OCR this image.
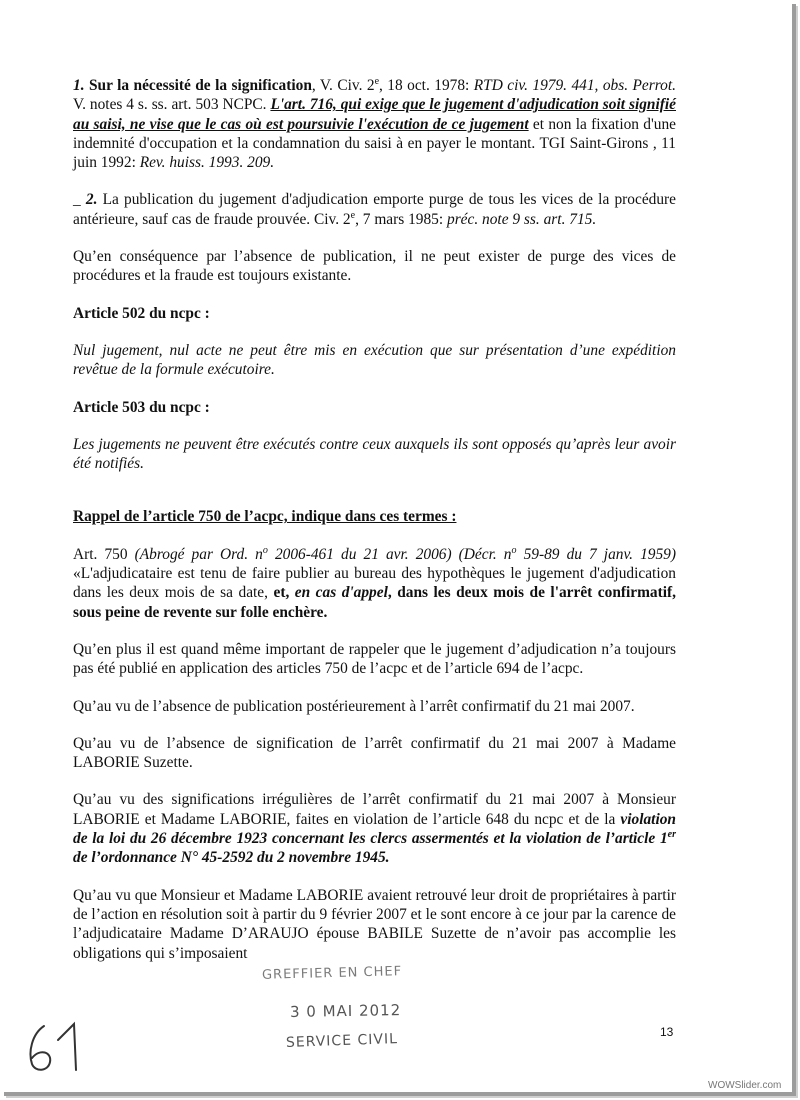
1. Sur la nécessité de la signification, V. Civ. 2e, 18 oct. 1978: RTD civ. 1979. 441, obs. Perrot. V. notes 4 s. ss. art. 503 NCPC. L'art. 716, qui exige que le jugement d'adjudication soit signifié au saisi, ne vise que le cas où est poursuivie l'exécution de ce jugement et non la fixation d'une indemnité d'occupation et la condamnation du saisi à en payer le montant. TGI Saint-Girons , 11 juin 1992: Rev. huiss. 1993. 209.

_ 2. La publication du jugement d'adjudication emporte purge de tous les vices de la procédure antérieure, sauf cas de fraude prouvée. Civ. 2e, 7 mars 1985: préc. note 9 ss. art. 715.

Qu’en conséquence par l’absence de publication, il ne peut exister de purge des vices de procédures et la fraude est toujours existante.

Article 502 du ncpc :

Nul jugement, nul acte ne peut être mis en exécution que sur présentation d’une expédition revêtue de la formule exécutoire.

Article 503 du ncpc :

Les jugements ne peuvent être exécutés contre ceux auxquels ils sont opposés qu’après leur avoir été notifiés.

Rappel de l’article 750 de l’acpc, indique dans ces termes :

Art. 750 (Abrogé par Ord. $n^o$ 2006-461 du 21 avr. 2006) (Décr. $n^o$ 59-89 du 7 janv. 1959) «L'adjudicataire est tenu de faire publier au bureau des hypothèques le jugement d'adjudication dans les deux mois de sa date, et, en cas d'appel, dans les deux mois de l'arrêt confirmatif, sous peine de revente sur folle enchère.

Qu’en plus il est quand même important de rappeler que le jugement d’adjudication n’a toujours pas été publié en application des articles 750 de l’acpc et de l’article 694 de l’acpc.

Qu’au vu de l’absence de publication postérieurement à l’arrêt confirmatif du 21 mai 2007.

Qu’au vu de l’absence de signification de l’arrêt confirmatif du 21 mai 2007 à Madame LABORIE Suzette.

Qu’au vu des significations irrégulières de l’arrêt confirmatif du 21 mai 2007 à Monsieur LABORIE et Madame LABORIE, faites en violation de l’article 648 du ncpc et de la violation de la loi du 26 décembre 1923 concernant les clercs assermentés et la violation de l’article 1er de l’ordonnance N° 45-2592 du 2 novembre 1945.

Qu’au vu que Monsieur et Madame LABORIE avaient retrouvé leur droit de propriétaires à partir de l’action en résolution soit à partir du 9 février 2007 et le sont encore à ce jour par la carence de l’adjudicataire Madame D’ARAUJO épouse BABILE Suzette de n’avoir pas accomplie les obligations qui s’imposaient

GREFFIER EN CHEF
3 0 MAI 2012
SERVICE CIVIL	13
WOWSlider.com
